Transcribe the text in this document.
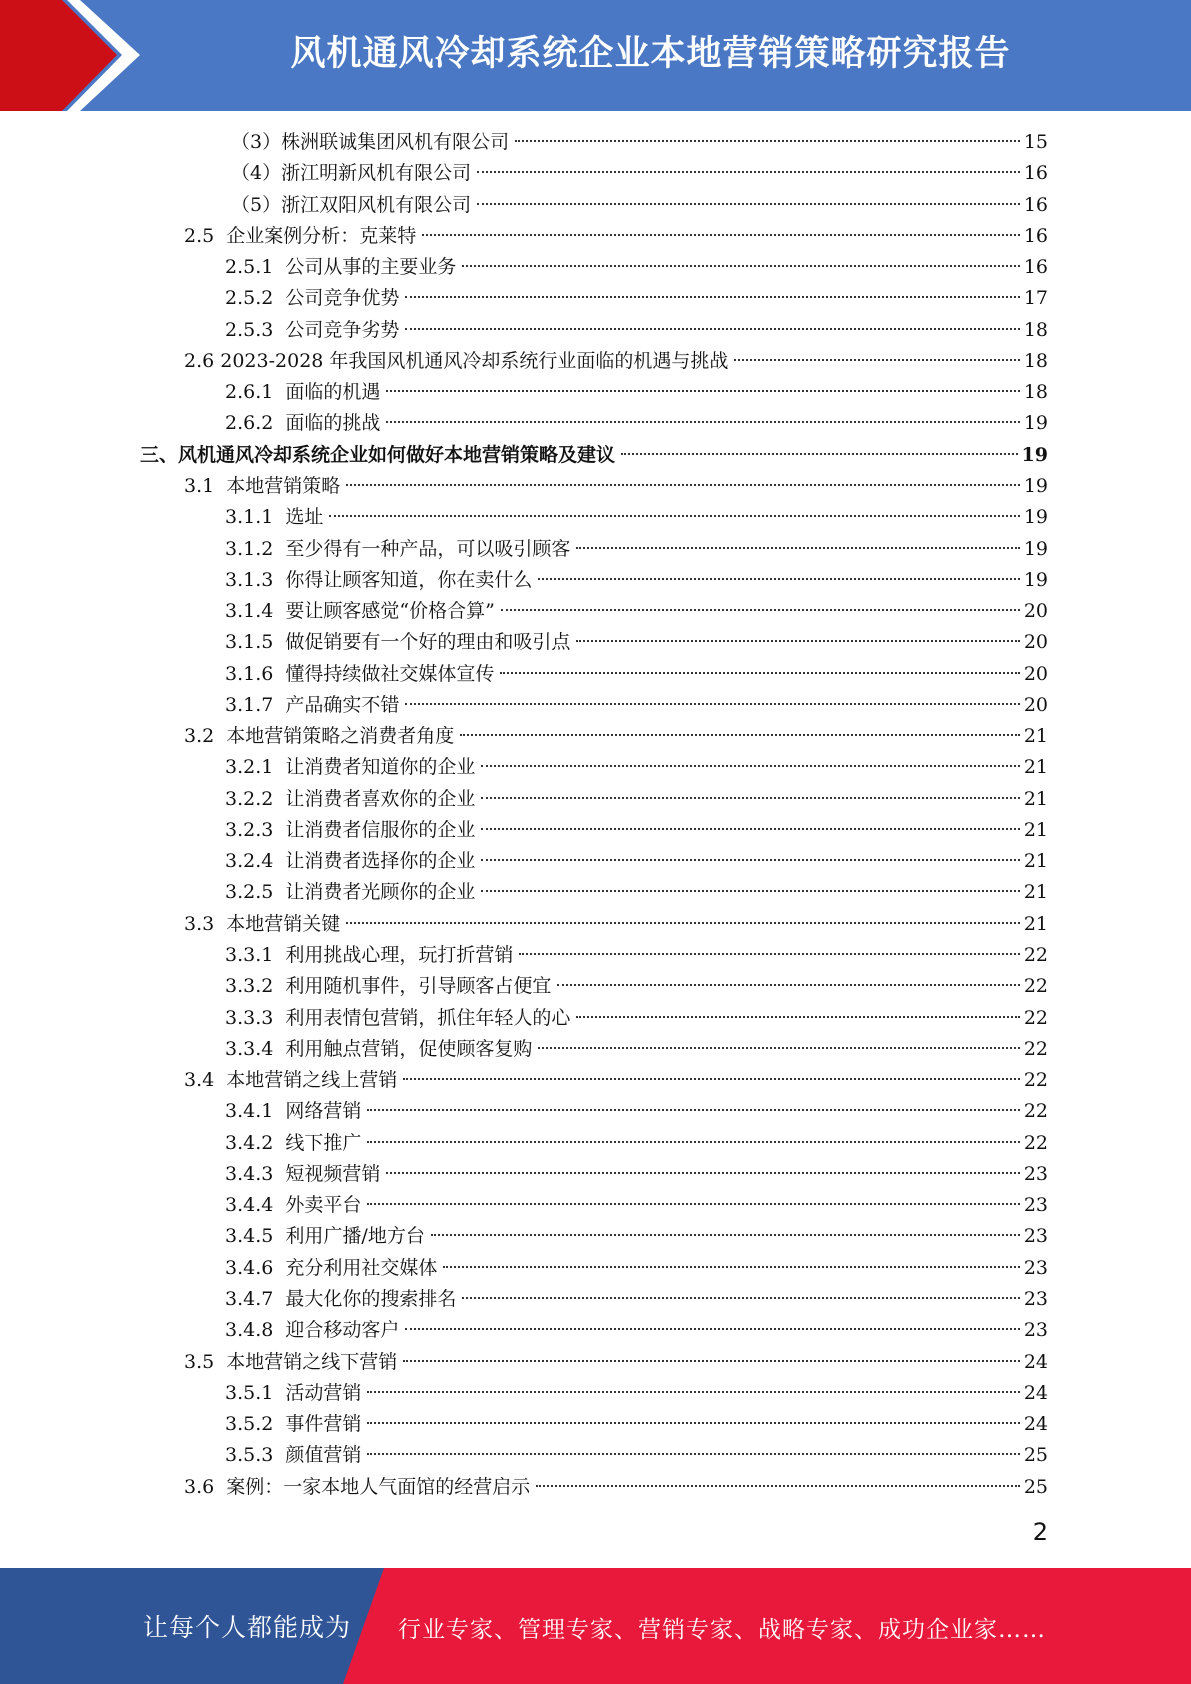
风机通风冷却系统企业本地营销策略研究报告
（3）株洲联诚集团风机有限公司	15
（4）浙江明新风机有限公司	16
（5）浙江双阳风机有限公司	16
2.5  企业案例分析：克莱特	16
2.5.1  公司从事的主要业务	16
2.5.2  公司竞争优势	17
2.5.3  公司竞争劣势	18
2.6 2023-2028 年我国风机通风冷却系统行业面临的机遇与挑战	18
2.6.1  面临的机遇	18
2.6.2  面临的挑战	19
三、风机通风冷却系统企业如何做好本地营销策略及建议	19
3.1  本地营销策略	19
3.1.1  选址	19
3.1.2  至少得有一种产品，可以吸引顾客	19
3.1.3  你得让顾客知道，你在卖什么	19
3.1.4  要让顾客感觉“价格合算”	20
3.1.5  做促销要有一个好的理由和吸引点	20
3.1.6  懂得持续做社交媒体宣传	20
3.1.7  产品确实不错	20
3.2  本地营销策略之消费者角度	21
3.2.1  让消费者知道你的企业	21
3.2.2  让消费者喜欢你的企业	21
3.2.3  让消费者信服你的企业	21
3.2.4  让消费者选择你的企业	21
3.2.5  让消费者光顾你的企业	21
3.3  本地营销关键	21
3.3.1  利用挑战心理，玩打折营销	22
3.3.2  利用随机事件，引导顾客占便宜	22
3.3.3  利用表情包营销，抓住年轻人的心	22
3.3.4  利用触点营销，促使顾客复购	22
3.4  本地营销之线上营销	22
3.4.1  网络营销	22
3.4.2  线下推广	22
3.4.3  短视频营销	23
3.4.4  外卖平台	23
3.4.5  利用广播/地方台	23
3.4.6  充分利用社交媒体	23
3.4.7  最大化你的搜索排名	23
3.4.8  迎合移动客户	23
3.5  本地营销之线下营销	24
3.5.1  活动营销	24
3.5.2  事件营销	24
3.5.3  颜值营销	25
3.6  案例：一家本地人气面馆的经营启示	25
2
让每个人都能成为 行业专家、管理专家、营销专家、战略专家、成功企业家……
